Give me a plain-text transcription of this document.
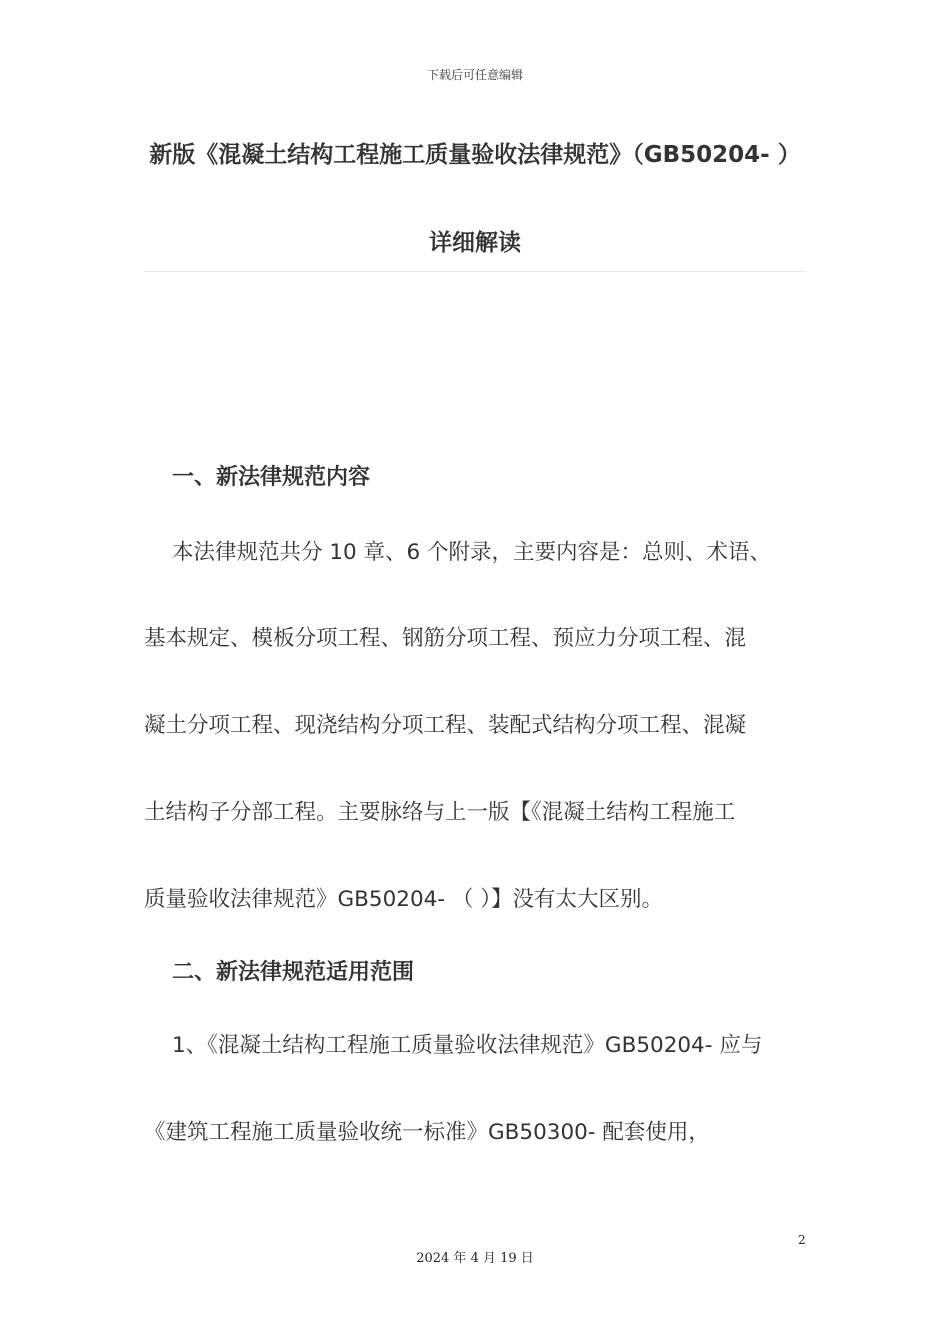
下载后可任意编辑
新版《混凝土结构工程施工质量验收法律规范》（GB50204- ）
详细解读
一、新法律规范内容
本法律规范共分 10 章、6 个附录，主要内容是：总则、术语、
基本规定、模板分项工程、钢筋分项工程、预应力分项工程、混
凝土分项工程、现浇结构分项工程、装配式结构分项工程、混凝
土结构子分部工程。主要脉络与上一版【《混凝土结构工程施工
质量验收法律规范》GB50204- （ ）】没有太大区别。
二、新法律规范适用范围
1、《混凝土结构工程施工质量验收法律规范》GB50204- 应与
《建筑工程施工质量验收统一标准》GB50300- 配套使用，
2
2024 年 4 月 19 日
